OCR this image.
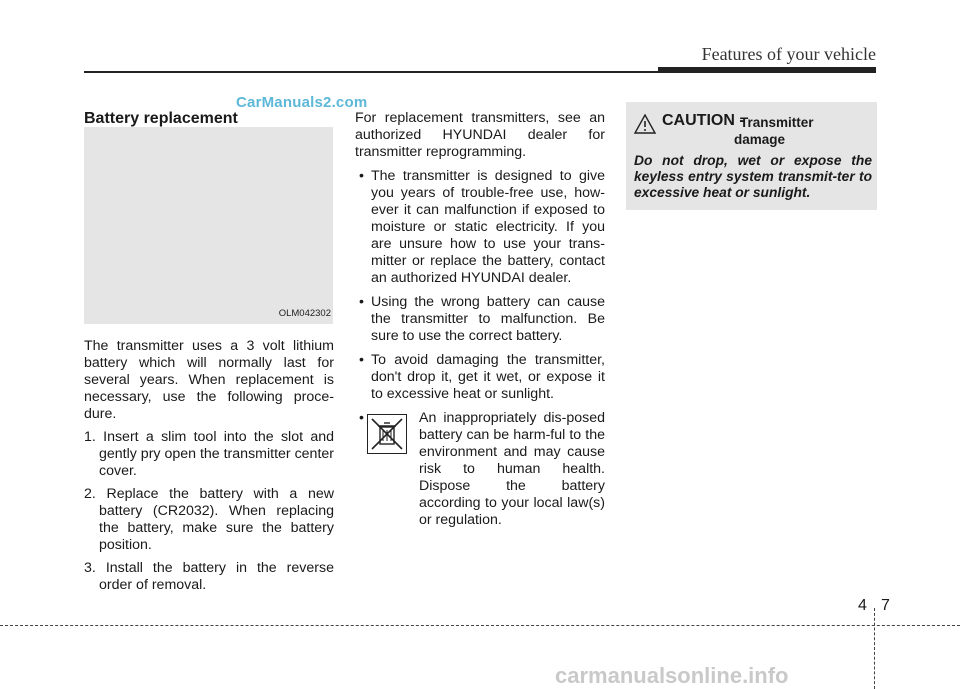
Features of your vehicle
CarManuals2.com

Battery replacement

OLM042302

The transmitter uses a 3 volt lithium battery which will normally last for several years. When replacement is necessary, use the following proce-dure.

1. Insert a slim tool into the slot and gently pry open the transmitter center cover.

2. Replace the battery with a new battery (CR2032). When replacing the battery, make sure the battery position.

3. Install the battery in the reverse order of removal.

For replacement transmitters, see an authorized HYUNDAI dealer for transmitter reprogramming.

• The transmitter is designed to give you years of trouble-free use, how-ever it can malfunction if exposed to moisture or static electricity. If you are unsure how to use your trans-mitter or replace the battery, contact an authorized HYUNDAI dealer.

• Using the wrong battery can cause the transmitter to malfunction. Be sure to use the correct battery.

• To avoid damaging the transmitter, don't drop it, get it wet, or expose it to excessive heat or sunlight.

•	An inappropriately dis-posed battery can be harm-ful to the environment and may cause risk to human health. Dispose the battery according to your local law(s) or regulation.
CAUTION -
Transmitter
damage
Do not drop, wet or expose the keyless entry system transmit-ter to excessive heat or sunlight.
4 7
carmanualsonline.info
